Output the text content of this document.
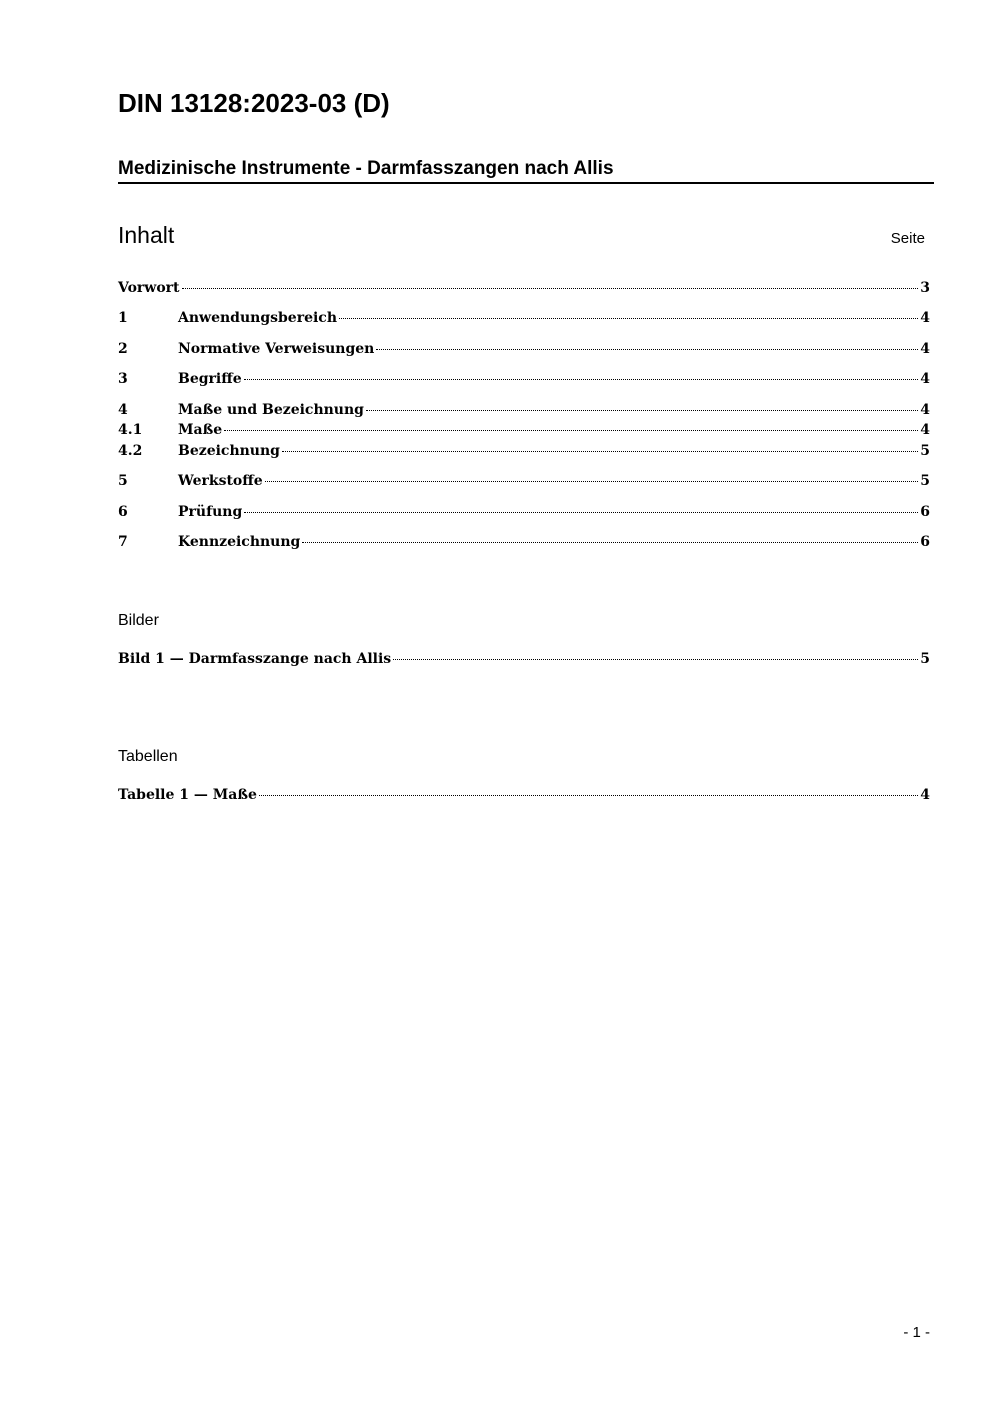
DIN 13128:2023-03 (D)
Medizinische Instrumente - Darmfasszangen nach Allis
Inhalt	Seite
Vorwort	3
1	Anwendungsbereich	4
2	Normative Verweisungen	4
3	Begriffe	4
4	Maße und Bezeichnung	4
4.1	Maße	4
4.2	Bezeichnung	5
5	Werkstoffe	5
6	Prüfung	6
7	Kennzeichnung	6
Bilder
Bild 1 — Darmfasszange nach Allis	5
Tabellen
Tabelle 1 — Maße	4
- 1 -
